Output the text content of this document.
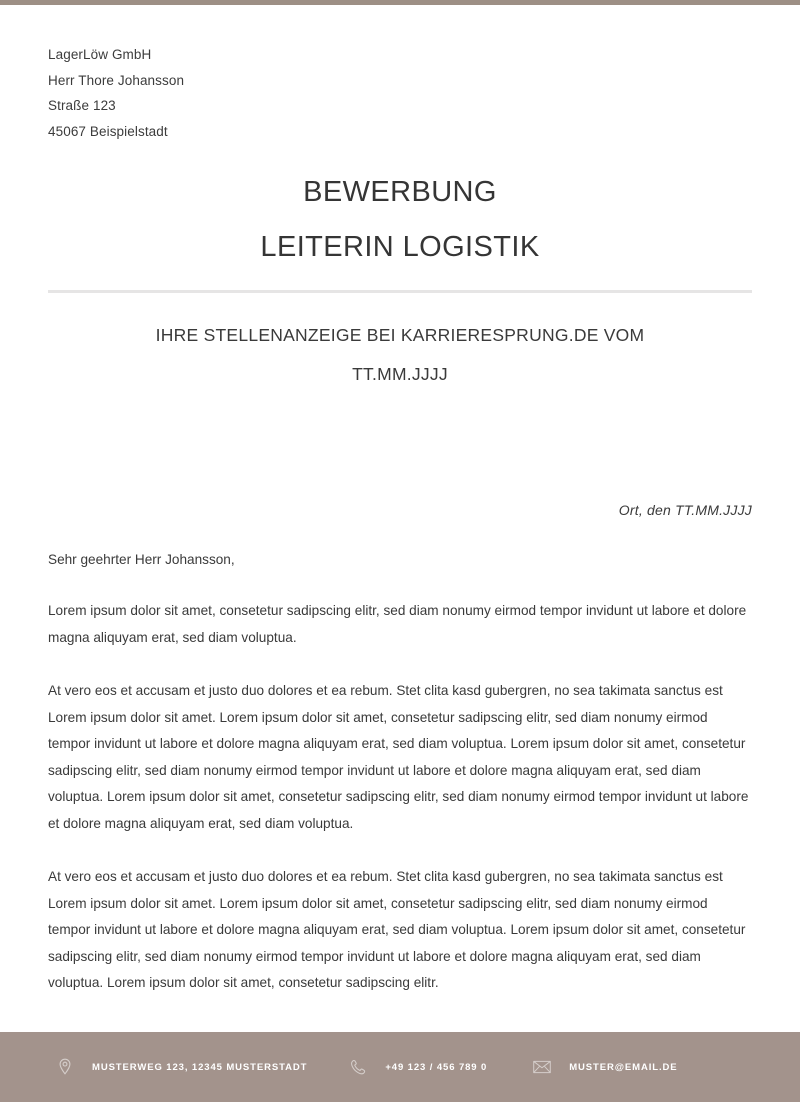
LagerLöw GmbH
Herr Thore Johansson
Straße 123
45067 Beispielstadt
BEWERBUNG
LEITERIN LOGISTIK
IHRE STELLENANZEIGE BEI KARRIERESPRUNG.DE VOM
TT.MM.JJJJ
Ort, den TT.MM.JJJJ
Sehr geehrter Herr Johansson,
Lorem ipsum dolor sit amet, consetetur sadipscing elitr, sed diam nonumy eirmod tempor invidunt ut labore et dolore magna aliquyam erat, sed diam voluptua.
At vero eos et accusam et justo duo dolores et ea rebum. Stet clita kasd gubergren, no sea takimata sanctus est Lorem ipsum dolor sit amet. Lorem ipsum dolor sit amet, consetetur sadipscing elitr, sed diam nonumy eirmod tempor invidunt ut labore et dolore magna aliquyam erat, sed diam voluptua. Lorem ipsum dolor sit amet, consetetur sadipscing elitr, sed diam nonumy eirmod tempor invidunt ut labore et dolore magna aliquyam erat, sed diam voluptua. Lorem ipsum dolor sit amet, consetetur sadipscing elitr, sed diam nonumy eirmod tempor invidunt ut labore et dolore magna aliquyam erat, sed diam voluptua.
At vero eos et accusam et justo duo dolores et ea rebum. Stet clita kasd gubergren, no sea takimata sanctus est Lorem ipsum dolor sit amet. Lorem ipsum dolor sit amet, consetetur sadipscing elitr, sed diam nonumy eirmod tempor invidunt ut labore et dolore magna aliquyam erat, sed diam voluptua. Lorem ipsum dolor sit amet, consetetur sadipscing elitr, sed diam nonumy eirmod tempor invidunt ut labore et dolore magna aliquyam erat, sed diam voluptua. Lorem ipsum dolor sit amet, consetetur sadipscing elitr.
MUSTERWEG 123, 12345 MUSTERSTADT	+49 123 / 456 789 0	MUSTER@EMAIL.DE
